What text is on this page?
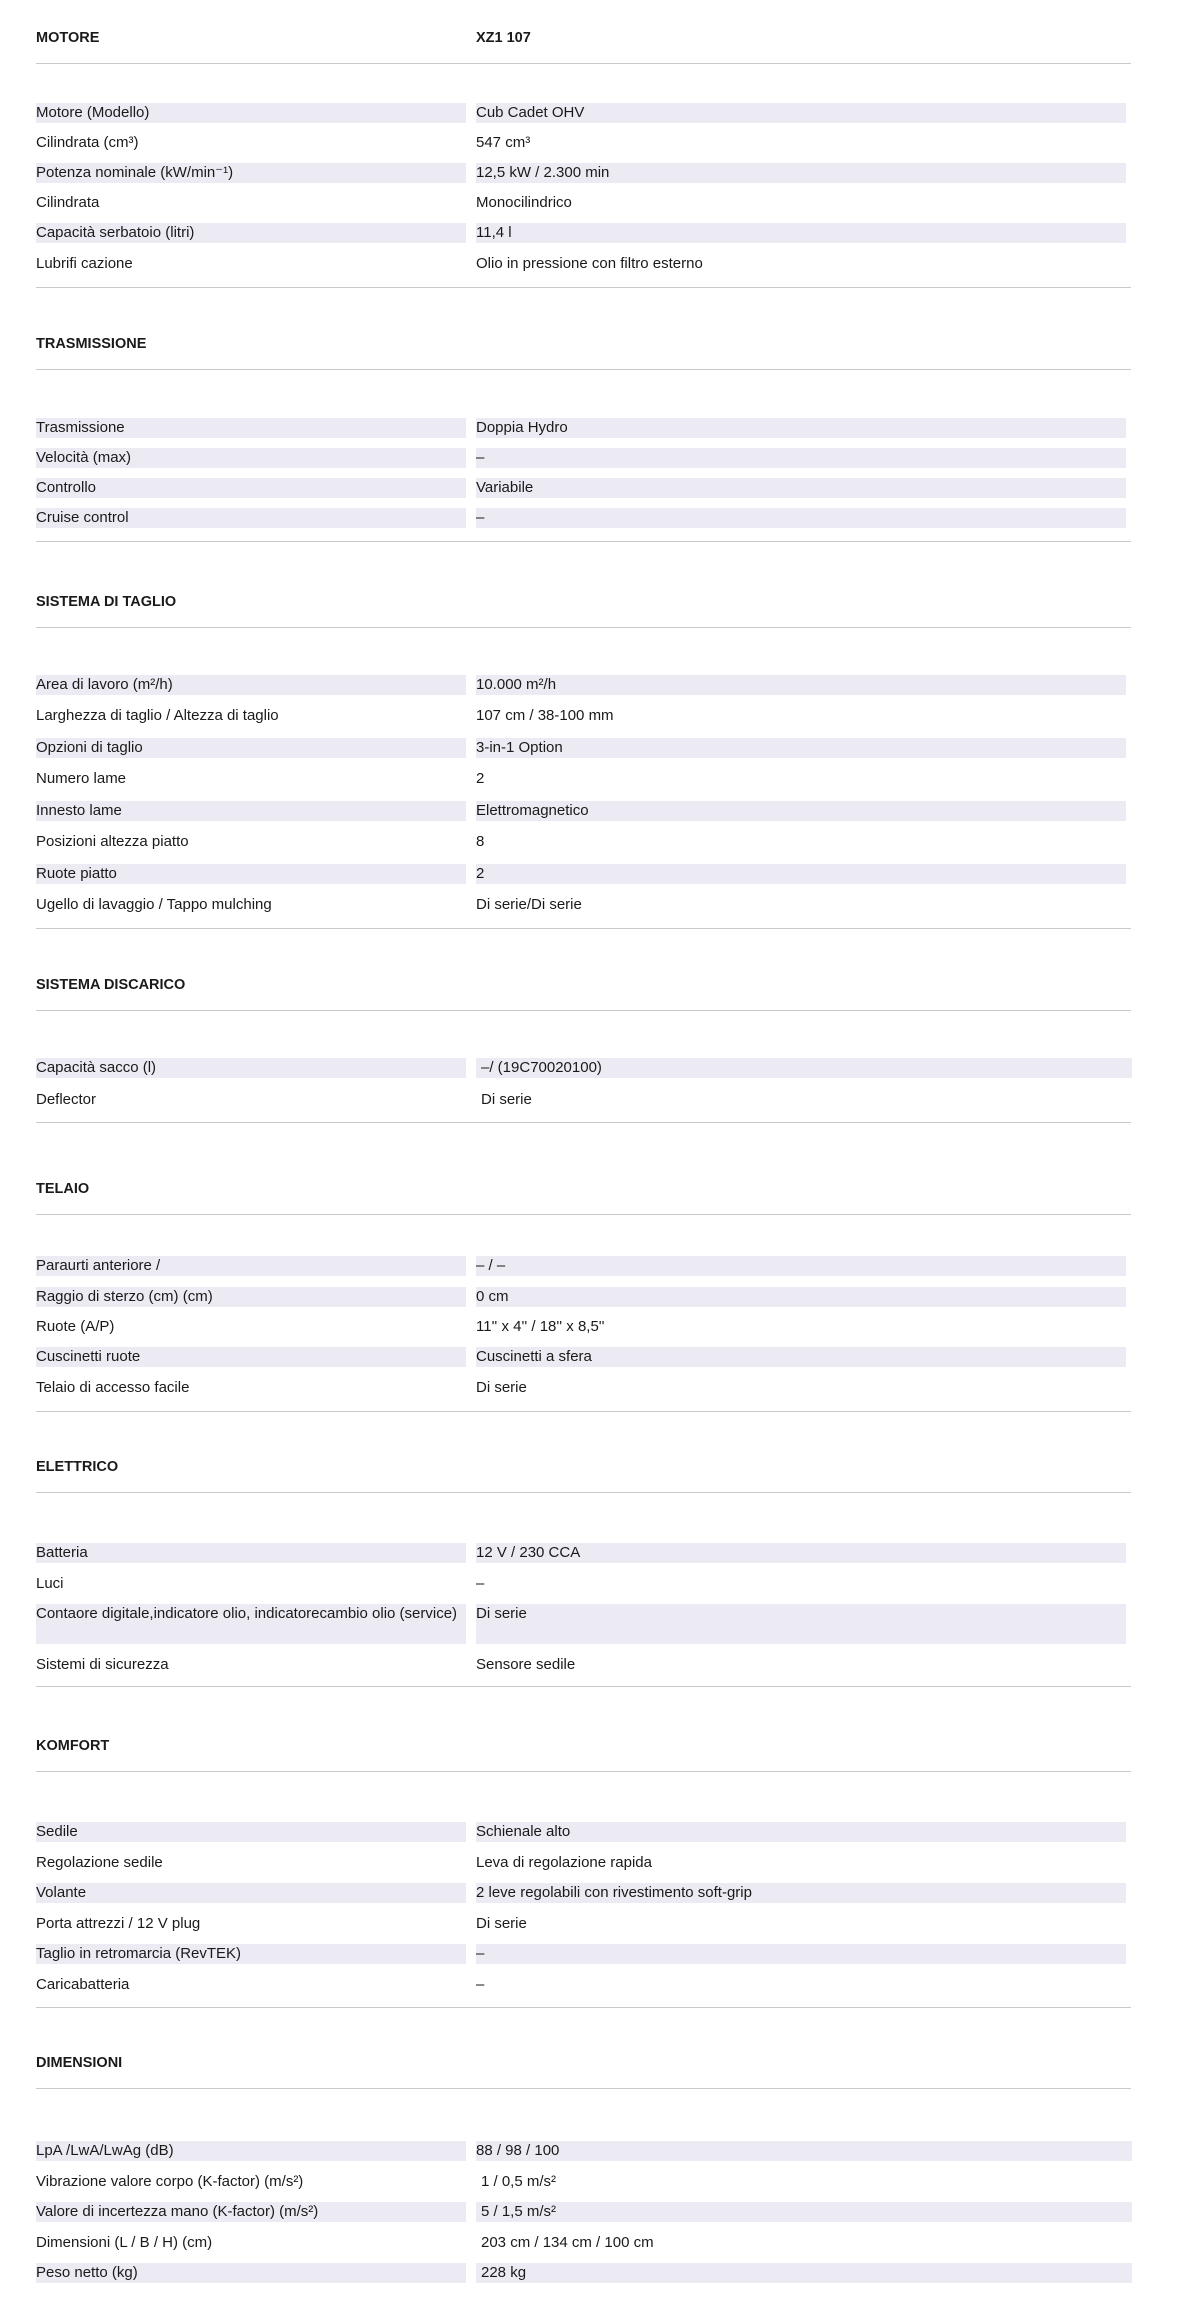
MOTORE	XZ1 107
Motore (Modello)	Cub Cadet OHV
Cilindrata (cm³)	547 cm³
Potenza nominale (kW/min⁻¹)	12,5 kW / 2.300 min
Cilindrata	Monocilindrico
Capacità serbatoio (litri)	11,4 l
Lubrifi cazione	Olio in pressione con filtro esterno
TRASMISSIONE
Trasmissione	Doppia Hydro
Velocità (max)	–
Controllo	Variabile
Cruise control	–
SISTEMA DI TAGLIO
Area di lavoro (m²/h)	10.000 m²/h
Larghezza di taglio / Altezza di taglio	107 cm / 38-100 mm
Opzioni di taglio	3-in-1 Option
Numero lame	2
Innesto lame	Elettromagnetico
Posizioni altezza piatto	8
Ruote piatto	2
Ugello di lavaggio / Tappo mulching	Di serie/Di serie
SISTEMA DISCARICO
Capacità sacco (l)	–/ (19C70020100)
Deflector	Di serie
TELAIO
Paraurti anteriore /	– / –
Raggio di sterzo (cm) (cm)	0 cm
Ruote (A/P)	11'' x 4'' / 18'' x 8,5''
Cuscinetti ruote	Cuscinetti a sfera
Telaio di accesso facile	Di serie
ELETTRICO
Batteria	12 V / 230 CCA
Luci	–
Contaore digitale,indicatore olio, indicatorecambio olio (service)	Di serie
Sistemi di sicurezza	Sensore sedile
KOMFORT
Sedile	Schienale alto
Regolazione sedile	Leva di regolazione rapida
Volante	2 leve regolabili con rivestimento soft-grip
Porta attrezzi / 12 V plug	Di serie
Taglio in retromarcia (RevTEK)	–
Caricabatteria	–
DIMENSIONI
LpA /LwA/LwAg (dB)	88 / 98 / 100
Vibrazione valore corpo (K-factor) (m/s²)	1 / 0,5 m/s²
Valore di incertezza mano (K-factor) (m/s²)	5 / 1,5 m/s²
Dimensioni (L / B / H) (cm)	203 cm / 134 cm / 100 cm
Peso netto (kg)	228 kg
